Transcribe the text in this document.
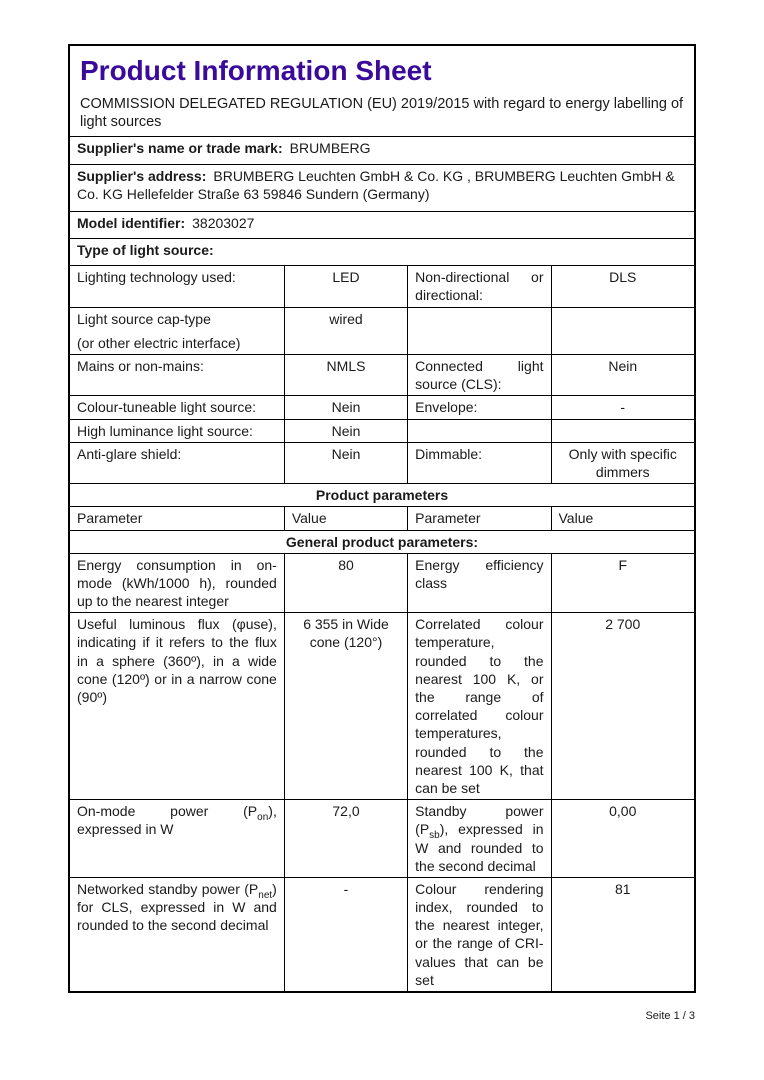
Product Information Sheet
COMMISSION DELEGATED REGULATION (EU) 2019/2015 with regard to energy labelling of light sources			

Supplier's name or trade mark: BRUMBERG			
Supplier's address: BRUMBERG Leuchten GmbH & Co. KG , BRUMBERG Leuchten GmbH & Co. KG Hellefelder Straße 63 59846 Sundern (Germany)			
Model identifier: 38203027			
Type of light source:			

Lighting technology used:	LED	Non-directional or directional:	DLS

Light source cap-type
(or other electric interface)	wired		

Mains or non-mains:	NMLS	Connected light source (CLS):	Nein

Colour-tuneable light source:	Nein	Envelope:	-

High luminance light source:	Nein		

Anti-glare shield:	Nein	Dimmable:	Only with specific dimmers
Product parameters			
Parameter	Value	Parameter	Value
General product parameters:			
Energy consumption in on-mode (kWh/1000 h), rounded up to the nearest integer	80	Energy efficiency class	F
Useful luminous flux (φuse), indicating if it refers to the flux in a sphere (360º), in a wide cone (120º) or in a narrow cone (90º)	6 355 in Wide cone (120°)	Correlated colour temperature, rounded to the nearest 100 K, or the range of correlated colour temperatures, rounded to the nearest 100 K, that can be set	2 700
On-mode power $(P_{on})$, expressed in W	72,0	Standby power $(P_{sb})$, expressed in W and rounded to the second decimal	0,00
Networked standby power $(P_{net})$ for CLS, expressed in W and rounded to the second decimal	-	Colour rendering index, rounded to the nearest integer, or the range of CRI-values that can be set	81
Seite 1 / 3
